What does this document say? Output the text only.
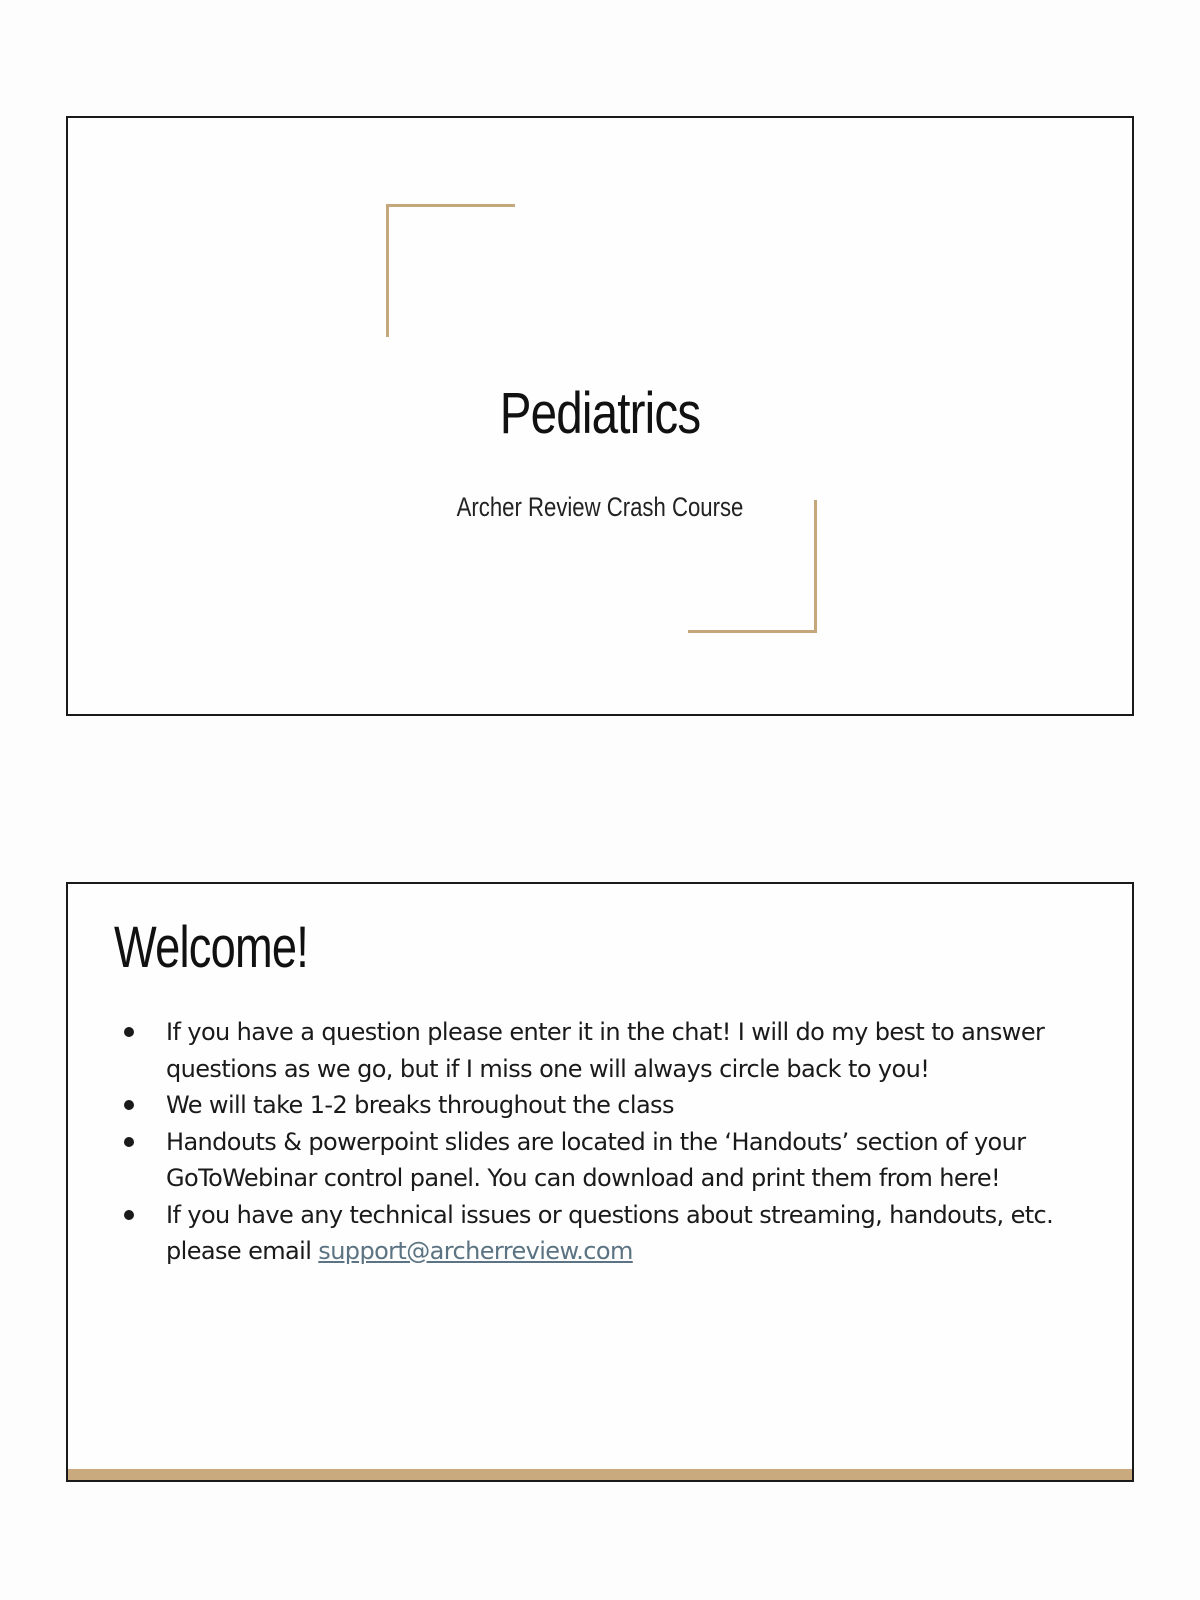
Pediatrics
Archer Review Crash Course
Welcome!
If you have a question please enter it in the chat! I will do my best to answer questions as we go, but if I miss one will always circle back to you!
We will take 1-2 breaks throughout the class
Handouts & powerpoint slides are located in the ‘Handouts’ section of your GoToWebinar control panel. You can download and print them from here!
If you have any technical issues or questions about streaming, handouts, etc. please email support@archerreview.com
